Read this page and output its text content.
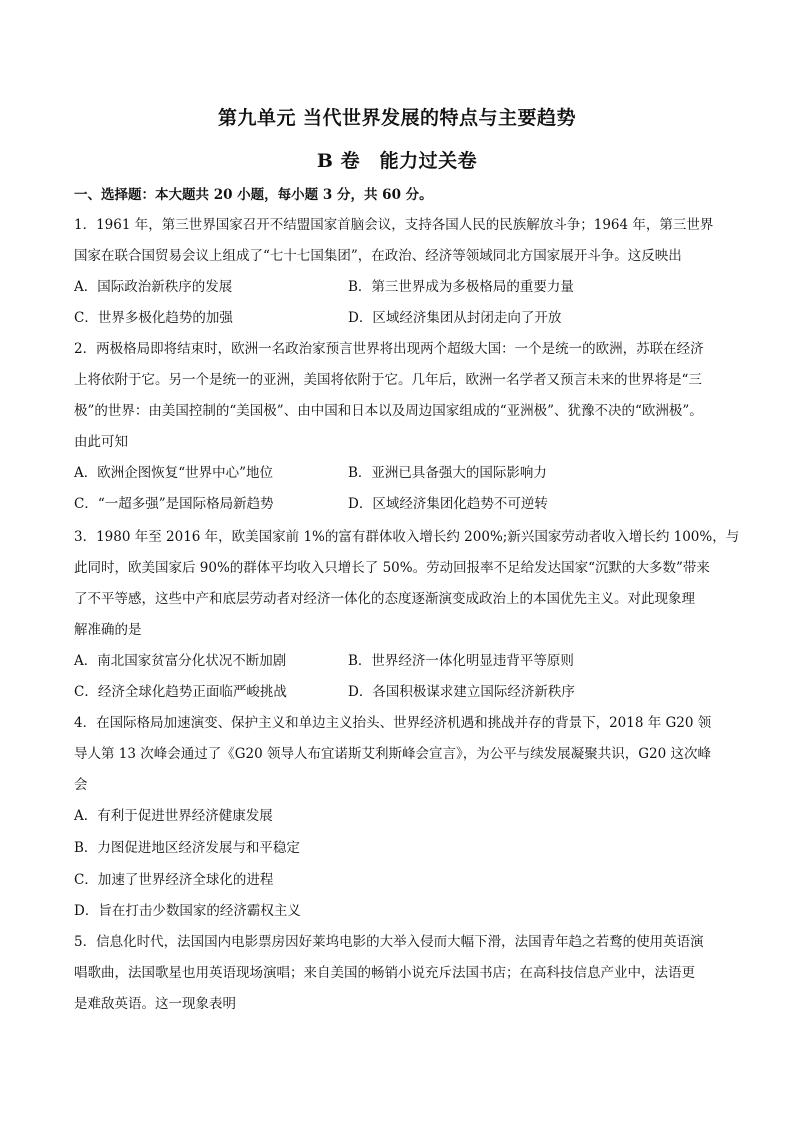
第九单元 当代世界发展的特点与主要趋势
B 卷　能力过关卷
一、选择题：本大题共 20 小题，每小题 3 分，共 60 分。
1．1961 年，第三世界国家召开不结盟国家首脑会议，支持各国人民的民族解放斗争；1964 年，第三世界
国家在联合国贸易会议上组成了“七十七国集团”，在政治、经济等领域同北方国家展开斗争。这反映出
A．国际政治新秩序的发展	B．第三世界成为多极格局的重要力量
C．世界多极化趋势的加强	D．区域经济集团从封闭走向了开放
2．两极格局即将结束时，欧洲一名政治家预言世界将出现两个超级大国：一个是统一的欧洲，苏联在经济
上将依附于它。另一个是统一的亚洲，美国将依附于它。几年后，欧洲一名学者又预言未来的世界将是“三
极”的世界：由美国控制的“美国极”、由中国和日本以及周边国家组成的“亚洲极”、犹豫不决的“欧洲极”。
由此可知
A．欧洲企图恢复“世界中心”地位	B．亚洲已具备强大的国际影响力
C．“一超多强”是国际格局新趋势	D．区域经济集团化趋势不可逆转
3．1980 年至 2016 年，欧美国家前 1%的富有群体收入增长约 200%;新兴国家劳动者收入增长约 100%，与
此同时，欧美国家后 90%的群体平均收入只增长了 50%。劳动回报率不足给发达国家“沉默的大多数”带来
了不平等感，这些中产和底层劳动者对经济一体化的态度逐渐演变成政治上的本国优先主义。对此现象理
解准确的是
A．南北国家贫富分化状况不断加剧	B．世界经济一体化明显违背平等原则
C．经济全球化趋势正面临严峻挑战	D．各国积极谋求建立国际经济新秩序
4．在国际格局加速演变、保护主义和单边主义抬头、世界经济机遇和挑战并存的背景下，2018 年 G20 领
导人第 13 次峰会通过了《G20 领导人布宜诺斯艾利斯峰会宣言》，为公平与续发展凝聚共识，G20 这次峰
会
A．有利于促进世界经济健康发展
B．力图促进地区经济发展与和平稳定
C．加速了世界经济全球化的进程
D．旨在打击少数国家的经济霸权主义
5．信息化时代，法国国内电影票房因好莱坞电影的大举入侵而大幅下滑，法国青年趋之若鹜的使用英语演
唱歌曲，法国歌星也用英语现场演唱；来自美国的畅销小说充斥法国书店；在高科技信息产业中，法语更
是难敌英语。这一现象表明
